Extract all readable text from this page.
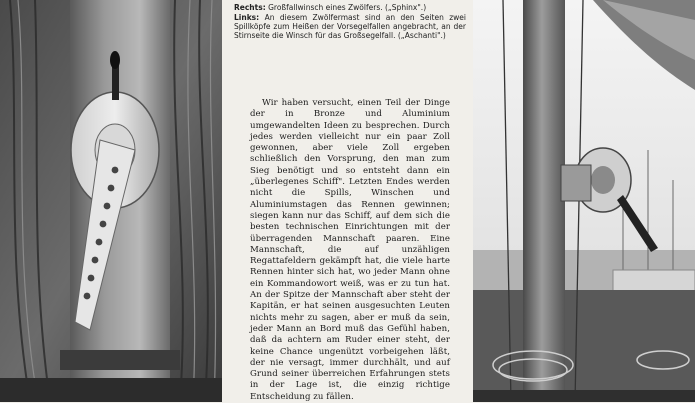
Rechts: Großfallwinsch eines Zwölfers. („Sphinx".)

Links: An diesem Zwölfermast sind an den Seiten zwei Spillköpfe zum Heißen der Vorsegelfallen angebracht, an der Stirnseite die Winsch für das Großsegelfall. („Aschanti".)

Wir haben versucht, einen Teil der Dinge der in Bronze und Aluminium umgewandelten Ideen zu besprechen. Durch jedes werden vielleicht nur ein paar Zoll gewonnen, aber viele Zoll ergeben schließlich den Vorsprung, den man zum Sieg benötigt und so entsteht dann ein „überlegenes Schiff". Letzten Endes werden nicht die Spills, Winschen und Aluminiumstagen das Rennen gewinnen; siegen kann nur das Schiff, auf dem sich die besten technischen Einrichtungen mit der überragenden Mannschaft paaren. Eine Mannschaft, die auf unzähligen Regattafeldern gekämpft hat, die viele harte Rennen hinter sich hat, wo jeder Mann ohne ein Kommandowort weiß, was er zu tun hat. An der Spitze der Mannschaft aber steht der Kapitän, er hat seinen ausgesuchten Leuten nichts mehr zu sagen, aber er muß da sein, jeder Mann an Bord muß das Gefühl haben, daß da achtern am Ruder einer steht, der keine Chance ungenützt vorbeigehen läßt, der nie versagt, immer durchhält, und auf Grund seiner überreichen Erfahrungen stets in der Lage ist, die einzig richtige Entscheidung zu fällen.
